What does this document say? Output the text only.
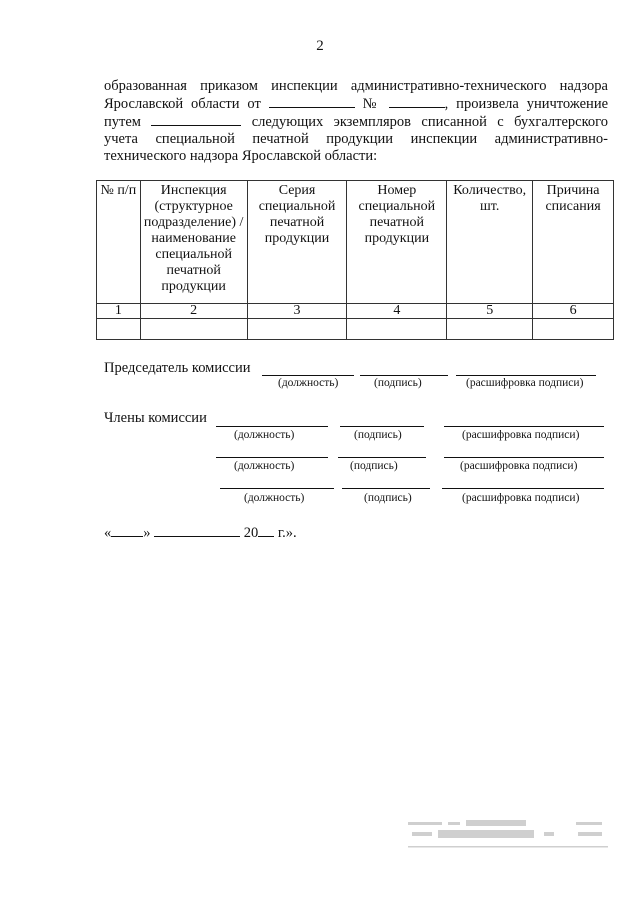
2
образованная приказом инспекции административно-технического надзора
Ярославской области от	№	, произвела уничтожение
путем	следующих экземпляров списанной с бухгалтерского
учета специальной печатной продукции инспекции административно-
технического надзора Ярославской области:
№ п/п	Инспекция (структурное подразделение) / наименование специальной печатной продукции	Серия специальной печатной продукции	Номер специальной печатной продукции	Количество, шт.	Причина списания
1	2	3	4	5	6

Председатель комиссии
(должность)	(подпись)	(расшифровка подписи)
Члены комиссии
(должность)	(подпись)	(расшифровка подписи)
(должность)	(подпись)	(расшифровка подписи)
(должность)	(подпись)	(расшифровка подписи)
« »	20 г.».
